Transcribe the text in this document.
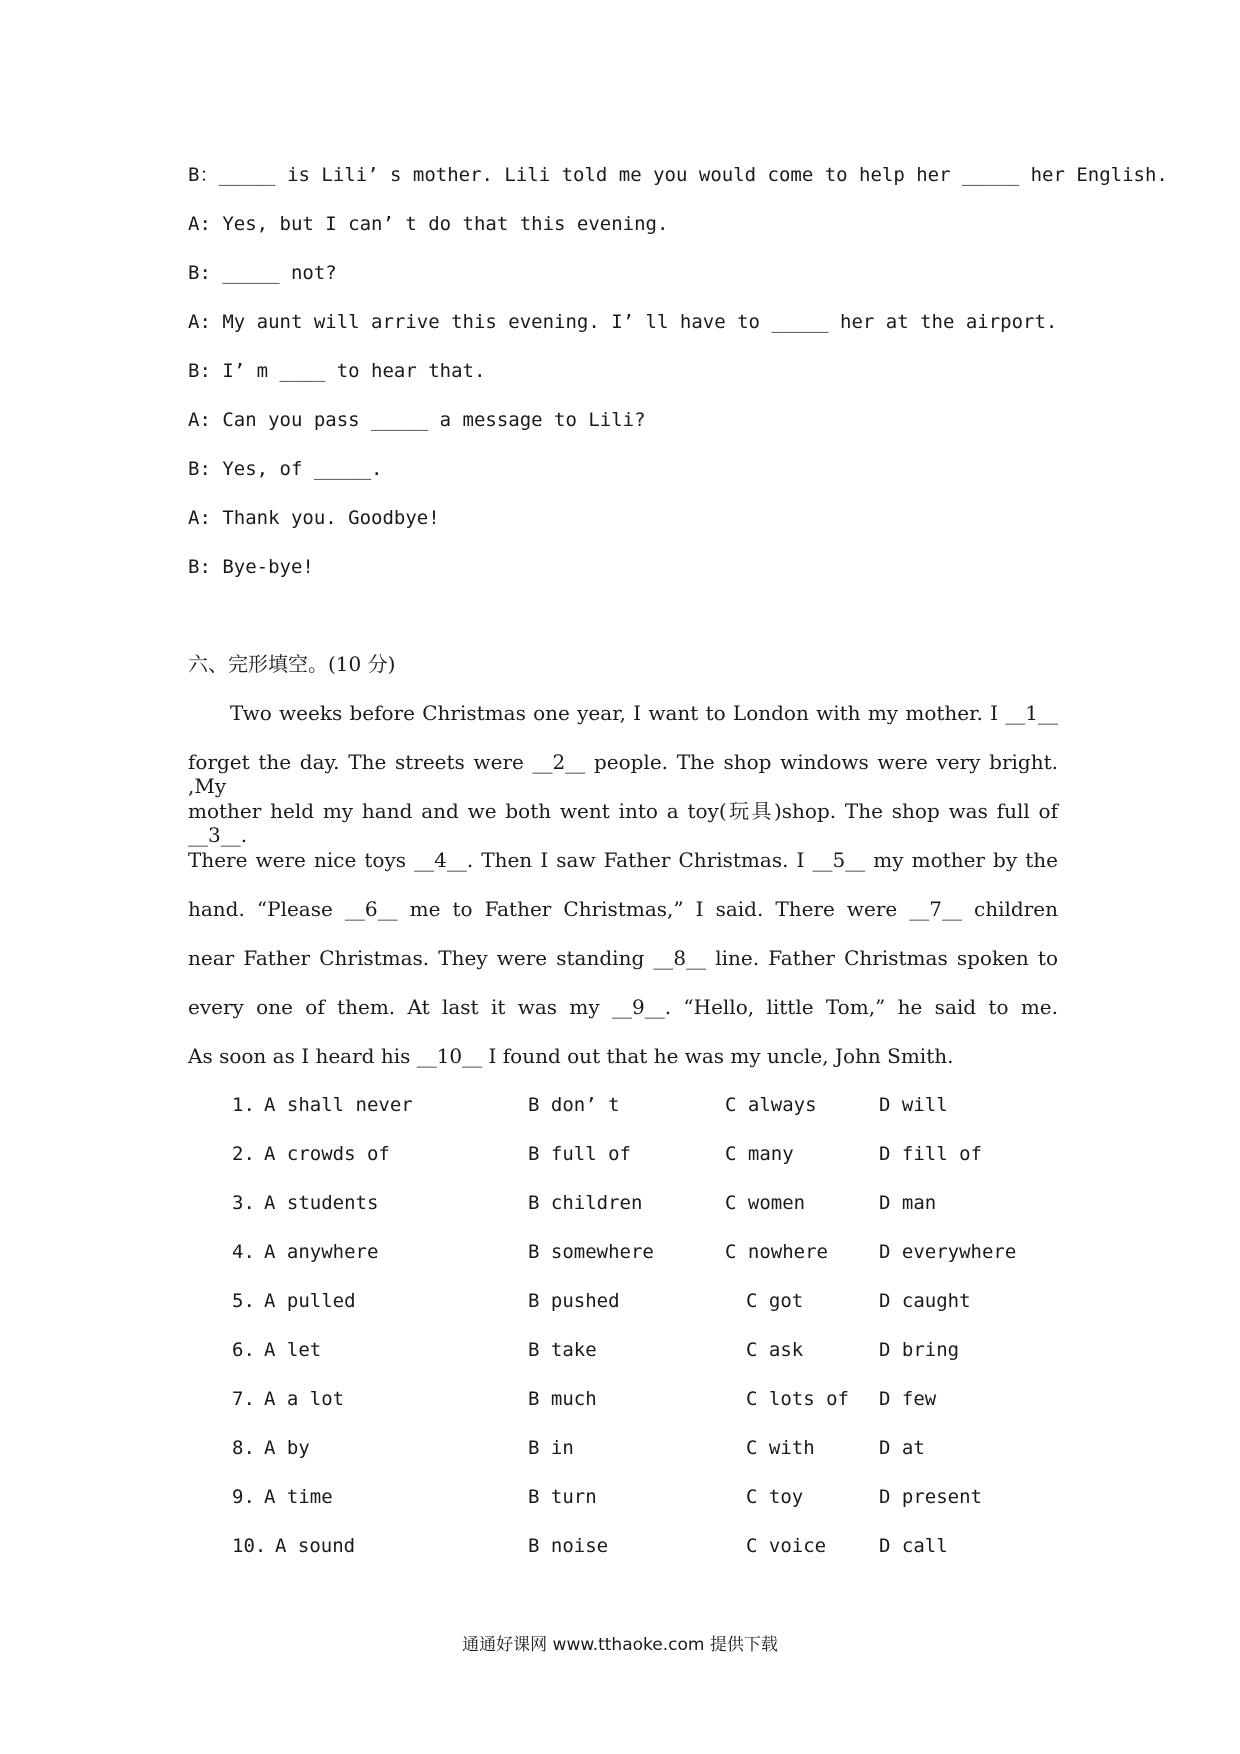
B：_____ is Lili’ s mother. Lili told me you would come to help her _____ her English.
A: Yes, but I can’ t do that this evening.
B: _____ not?
A: My aunt will arrive this evening. I’ ll have to _____ her at the airport.
B: I’ m ____ to hear that.
A: Can you pass _____ a message to Lili?
B: Yes, of _____.
A: Thank you. Goodbye!
B: Bye-bye!
六、完形填空。(10 分)
Two weeks before Christmas one year, I want to London with my mother. I __1__
forget the day. The streets were __2__ people. The shop windows were very bright. ,My
mother held my hand and we both went into a toy(玩具)shop. The shop was full of __3__.
There were nice toys __4__. Then I saw Father Christmas. I __5__ my mother by the
hand. “Please __6__ me to Father Christmas,” I said. There were __7__ children
near Father Christmas. They were standing __8__ line. Father Christmas spoken to
every one of them. At last it was my __9__. “Hello, little Tom,” he said to me.
As soon as I heard his __10__ I found out that he was my uncle, John Smith.
1. A shall never	B don’ t	C always	D will
2. A crowds of	B full of	C many	D fill of
3. A students	B children	C women	D man
4. A anywhere	B somewhere	C nowhere	D everywhere
5. A pulled	B pushed	C got	D caught
6. A let	B take	C ask	D bring
7. A a lot	B much	C lots of D few
8. A by	B in	C with	D at
9. A time	B turn	C toy	D present
10. A sound	B noise	C voice	D call
通通好课网 www.tthaoke.com 提供下载
